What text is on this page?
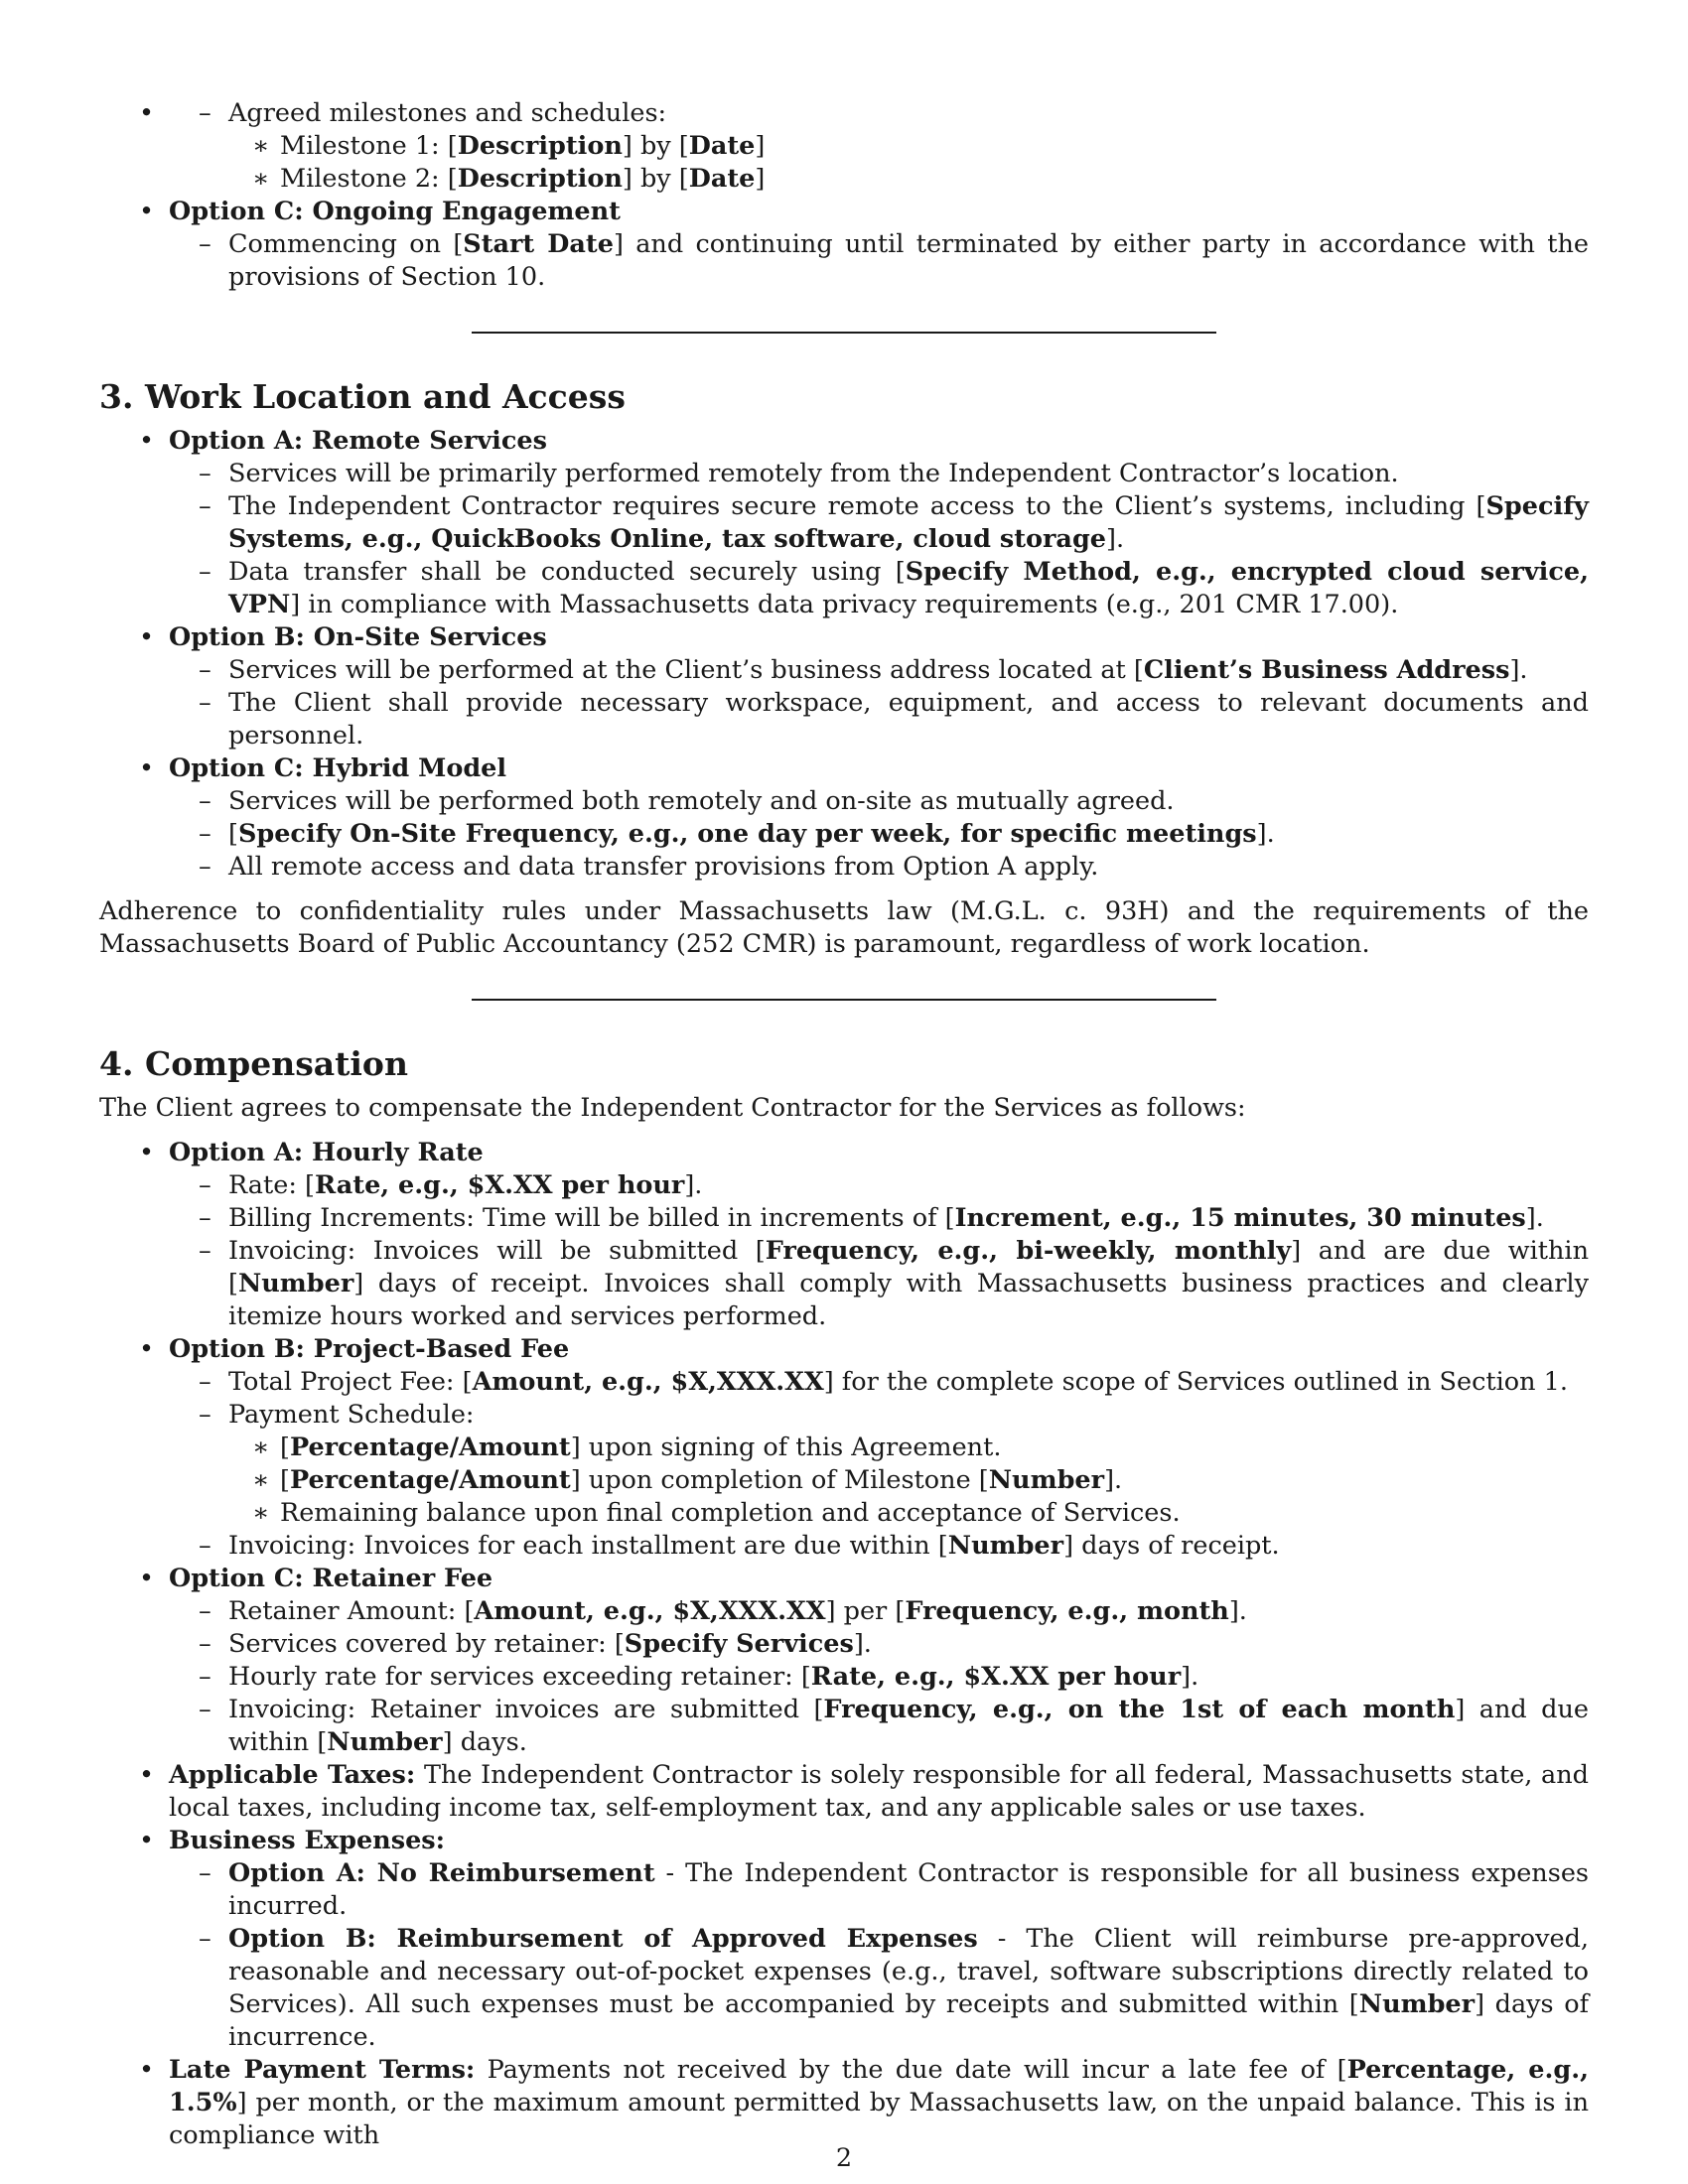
– • Agreed milestones and schedules:
∗ Milestone 1: [Description] by [Date]
∗ Milestone 2: [Description] by [Date]
• Option C: Ongoing Engagement
– Commencing on [Start Date] and continuing until terminated by either party in accordance with the provisions of Section 10.
3. Work Location and Access
• Option A: Remote Services
– Services will be primarily performed remotely from the Independent Contractor’s location.
– The Independent Contractor requires secure remote access to the Client’s systems, including [Specify Systems, e.g., QuickBooks Online, tax software, cloud storage].
– Data transfer shall be conducted securely using [Specify Method, e.g., encrypted cloud service, VPN] in compliance with Massachusetts data privacy requirements (e.g., 201 CMR 17.00).
• Option B: On-Site Services
– Services will be performed at the Client’s business address located at [Client’s Business Address].
– The Client shall provide necessary workspace, equipment, and access to relevant documents and personnel.
• Option C: Hybrid Model
– Services will be performed both remotely and on-site as mutually agreed.
– [Specify On-Site Frequency, e.g., one day per week, for specific meetings].
– All remote access and data transfer provisions from Option A apply.

Adherence to confidentiality rules under Massachusetts law (M.G.L. c. 93H) and the requirements of the Massachusetts Board of Public Accountancy (252 CMR) is paramount, regardless of work location.

4. Compensation

The Client agrees to compensate the Independent Contractor for the Services as follows:

• Option A: Hourly Rate
– Rate: [Rate, e.g., $X.XX per hour].
– Billing Increments: Time will be billed in increments of [Increment, e.g., 15 minutes, 30 minutes].
– Invoicing: Invoices will be submitted [Frequency, e.g., bi-weekly, monthly] and are due within [Number] days of receipt. Invoices shall comply with Massachusetts business practices and clearly itemize hours worked and services performed.
• Option B: Project-Based Fee
– Total Project Fee: [Amount, e.g., $X,XXX.XX] for the complete scope of Services outlined in Section 1.
– Payment Schedule:
∗ [Percentage/Amount] upon signing of this Agreement.
∗ [Percentage/Amount] upon completion of Milestone [Number].
∗ Remaining balance upon final completion and acceptance of Services.
– Invoicing: Invoices for each installment are due within [Number] days of receipt.
• Option C: Retainer Fee
– Retainer Amount: [Amount, e.g., $X,XXX.XX] per [Frequency, e.g., month].
– Services covered by retainer: [Specify Services].
– Hourly rate for services exceeding retainer: [Rate, e.g., $X.XX per hour].
– Invoicing: Retainer invoices are submitted [Frequency, e.g., on the 1st of each month] and due within [Number] days.
• Applicable Taxes: The Independent Contractor is solely responsible for all federal, Massachusetts state, and local taxes, including income tax, self-employment tax, and any applicable sales or use taxes.
• Business Expenses:
– Option A: No Reimbursement - The Independent Contractor is responsible for all business expenses incurred.
– Option B: Reimbursement of Approved Expenses - The Client will reimburse pre-approved, reasonable and necessary out-of-pocket expenses (e.g., travel, software subscriptions directly related to Services). All such expenses must be accompanied by receipts and submitted within [Number] days of incurrence.
• Late Payment Terms: Payments not received by the due date will incur a late fee of [Percentage, e.g., 1.5%] per month, or the maximum amount permitted by Massachusetts law, on the unpaid balance. This is in compliance with
2
